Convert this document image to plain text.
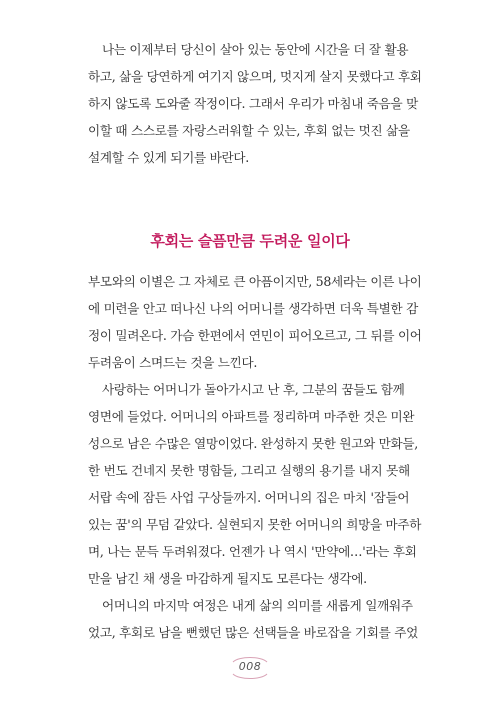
나는 이제부터 당신이 살아 있는 동안에 시간을 더 잘 활용
하고, 삶을 당연하게 여기지 않으며, 멋지게 살지 못했다고 후회
하지 않도록 도와줄 작정이다. 그래서 우리가 마침내 죽음을 맞
이할 때 스스로를 자랑스러워할 수 있는, 후회 없는 멋진 삶을
설계할 수 있게 되기를 바란다.
후회는 슬픔만큼 두려운 일이다
부모와의 이별은 그 자체로 큰 아픔이지만, 58세라는 이른 나이
에 미련을 안고 떠나신 나의 어머니를 생각하면 더욱 특별한 감
정이 밀려온다. 가슴 한편에서 연민이 피어오르고, 그 뒤를 이어
두려움이 스며드는 것을 느낀다.
사랑하는 어머니가 돌아가시고 난 후, 그분의 꿈들도 함께
영면에 들었다. 어머니의 아파트를 정리하며 마주한 것은 미완
성으로 남은 수많은 열망이었다. 완성하지 못한 원고와 만화들,
한 번도 건네지 못한 명함들, 그리고 실행의 용기를 내지 못해
서랍 속에 잠든 사업 구상들까지. 어머니의 집은 마치 '잠들어
있는 꿈'의 무덤 같았다. 실현되지 못한 어머니의 희망을 마주하
며, 나는 문득 두려워졌다. 언젠가 나 역시 '만약에…'라는 후회
만을 남긴 채 생을 마감하게 될지도 모른다는 생각에.
어머니의 마지막 여정은 내게 삶의 의미를 새롭게 일깨워주
었고, 후회로 남을 뻔했던 많은 선택들을 바로잡을 기회를 주었
008
